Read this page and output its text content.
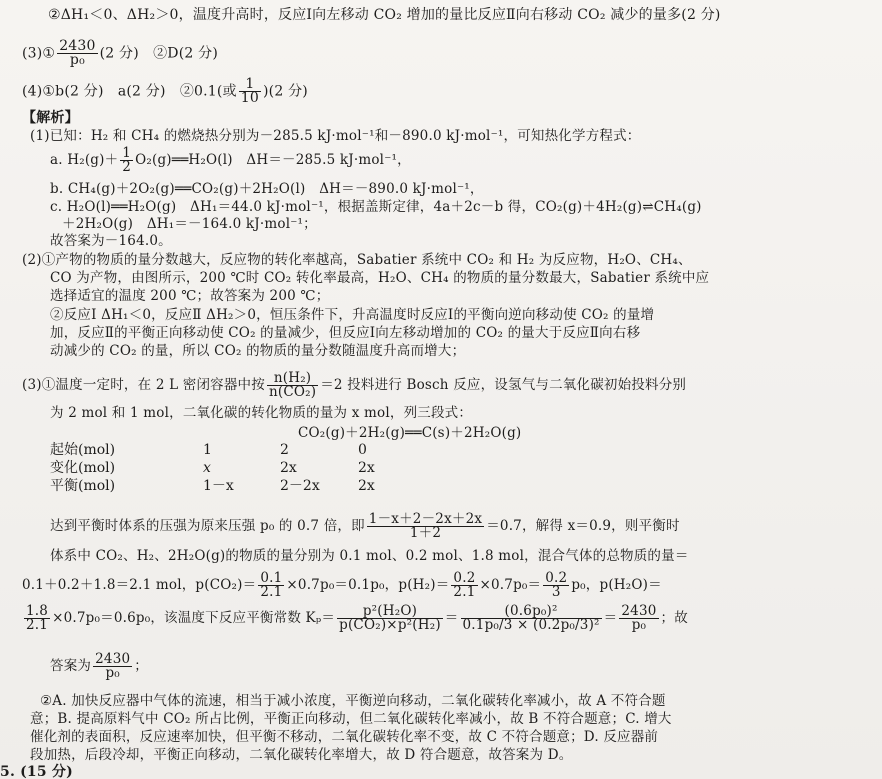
②ΔH₁＜0、ΔH₂＞0，温度升高时，反应Ⅰ向左移动 CO₂ 增加的量比反应Ⅱ向右移动 CO₂ 减少的量多(2 分)
(3)① $\frac{2430}{\text{p₀}} (2$ 分)　②D(2 分)
(4)①b(2 分)　a(2 分)　②0.1(或 $\frac{1}{10} )(2$ 分)
【解析】
(1)已知：H₂ 和 CH₄ 的燃烧热分别为－285.5 kJ·mol⁻¹和－890.0 kJ·mol⁻¹，可知热化学方程式：
a. $H_2(g)+ \frac{1}{2}$ O₂(g)══H₂O(l)　ΔH＝－285.5 kJ·mol⁻¹，
b. CH₄(g)＋2O₂(g)══CO₂(g)＋2H₂O(l)　ΔH＝－890.0 kJ·mol⁻¹，
c. H₂O(l)══H₂O(g)　ΔH₁＝44.0 kJ·mol⁻¹，根据盖斯定律，4a＋2c－b 得，CO₂(g)＋4H₂(g)⇌CH₄(g)
＋2H₂O(g)　ΔH₁＝－164.0 kJ·mol⁻¹；
故答案为－164.0。
(2)①产物的物质的量分数越大，反应物的转化率越高，Sabatier 系统中 CO₂ 和 H₂ 为反应物，H₂O、CH₄、
CO 为产物，由图所示，200 ℃时 CO₂ 转化率最高，H₂O、CH₄ 的物质的量分数最大，Sabatier 系统中应
选择适宜的温度 200 ℃；故答案为 200 ℃；
②反应Ⅰ ΔH₁＜0，反应Ⅱ ΔH₂＞0，恒压条件下，升高温度时反应Ⅰ的平衡向逆向移动使 CO₂ 的量增
加，反应Ⅱ的平衡正向移动使 CO₂ 的量减少，但反应Ⅰ向左移动增加的 CO₂ 的量大于反应Ⅱ向右移
动减少的 CO₂ 的量，所以 CO₂ 的物质的量分数随温度升高而增大；
(3)①温度一定时，在 2 L 密闭容器中按 $\frac{\text{n(H₂)}}{\text{n(CO₂)}} =2$ 投料进行 Bosch 反应，设氢气与二氧化碳初始投料分别
为 2 mol 和 1 mol，二氧化碳的转化物质的量为 x mol，列三段式：
CO₂(g)＋2H₂(g)══C(s)＋2H₂O(g)
起始(mol)	1	2	0
变化(mol)	x	2x	2x
平衡(mol)	1－x	2－2x	2x
达到平衡时体系的压强为原来压强 p₀ 的 0.7 倍，即 $\frac{1-x+2-2x+2x}{1+2} =0.7$，解得 x＝0.9，则平衡时
体系中 CO₂、H₂、2H₂O(g)的物质的量分别为 0.1 mol、0.2 mol、1.8 mol，混合气体的总物质的量＝
0.1＋0.2＋1.8＝2.1 mol，$p(CO_2)= \frac{0.1}{2.1} \times 0.7p_0=0.1p_0$，$p(H_2)= \frac{0.2}{2.1} \times 0.7p_0= \frac{0.2}{3} p_0$，p(H₂O)＝
$\frac{1.8}{2.1} \times 0.7p_0=0.6p_0$，该温度下反应平衡常数 $K_p= \frac{\text{p²(H₂O)}}{\text{p(CO₂)×p²(H₂)}} = \frac{\text{(0.6p₀)²}}{\text{0.1p₀/3 × (0.2p₀/3)²}} = \frac{2430}{\text{p₀}}$ ；故
答案为 $\frac{2430}{\text{p₀}}$ ；
②A. 加快反应器中气体的流速，相当于减小浓度，平衡逆向移动，二氧化碳转化率减小，故 A 不符合题
意；B. 提高原料气中 CO₂ 所占比例，平衡正向移动，但二氧化碳转化率减小，故 B 不符合题意；C. 增大
催化剂的表面积，反应速率加快，但平衡不移动，二氧化碳转化率不变，故 C 不符合题意；D. 反应器前
段加热，后段冷却，平衡正向移动，二氧化碳转化率增大，故 D 符合题意，故答案为 D。
5. (15 分)
